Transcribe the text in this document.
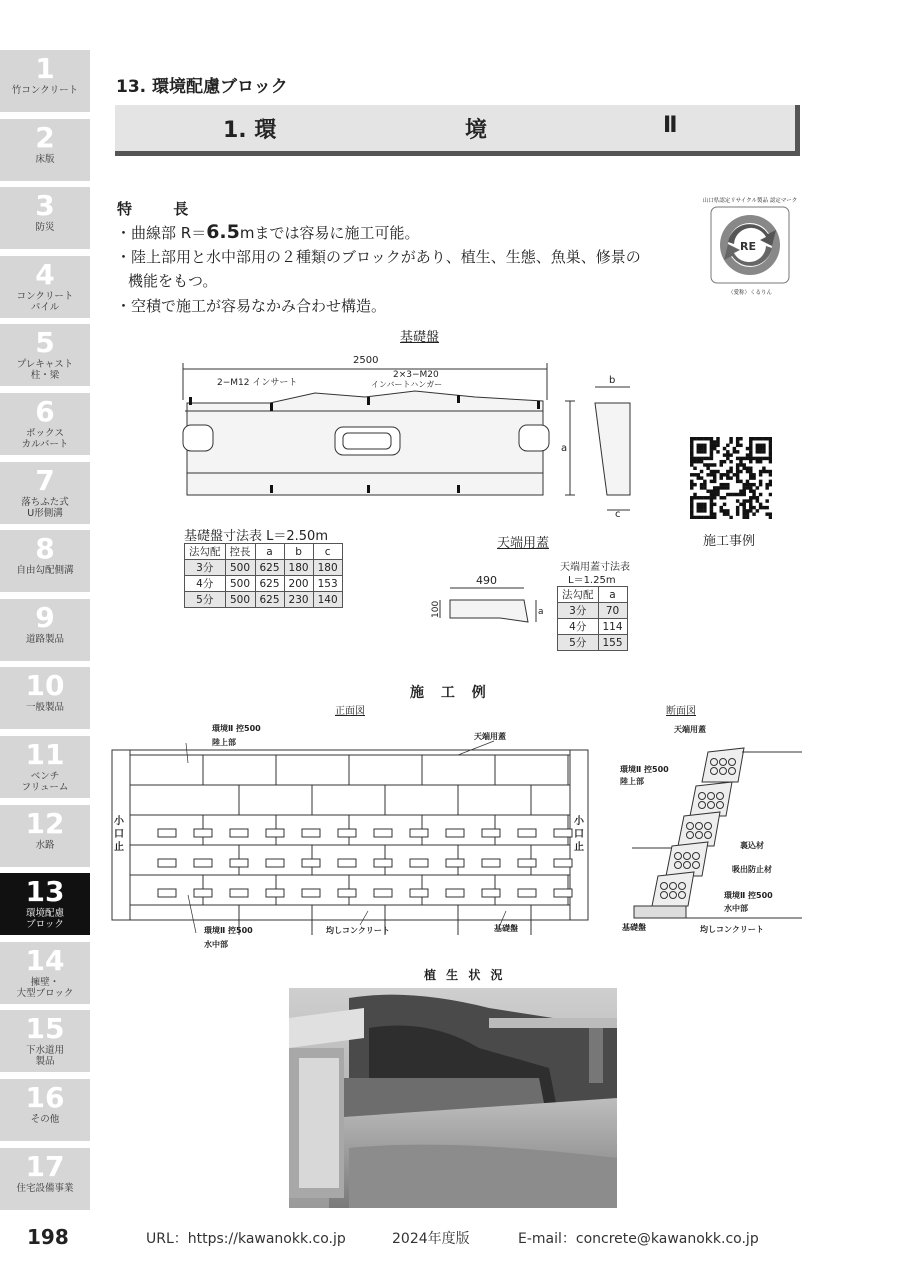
1
竹コンクリート
2
床版
3
防災
4
コンクリート
パイル
5
プレキャスト
柱・梁
6
ボックス
カルバート
7
落ちふた式
U形側溝
8
自由勾配側溝
9
道路製品
10
一般製品
11
ベンチ
フリューム
12
水路
13
環境配慮
ブロック
14
擁壁・
大型ブロック
15
下水道用
製品
16
その他
17
住宅設備事業
13. 環境配慮ブロック
1. 環	境	Ⅱ
特 長
・曲線部 R＝6.5mまでは容易に施工可能。
・陸上部用と水中部用の２種類のブロックがあり、植生、生態、魚巣、修景の
機能をもつ。
・空積で施工が容易なかみ合わせ構造。
山口県認定リサイクル製品 認定マーク
RE
（愛称）くるりん
基礎盤
2500
2−M12 インサート
2×3−M20
インバートハンガー
a
b
c
施工事例
基礎盤寸法表 L＝2.50m
法勾配	控長	a	b	c
3分	500	625	180	180
4分	500	625	200	153
5分	500	625	230	140
天端用蓋
490
100	a
天端用蓋寸法表
L＝1.25m
法勾配	a
3分	70
4分	114
5分	155
施 工 例
正面図	断面図
環境Ⅱ 控500
陸上部
天端用蓋
環境Ⅱ 控500
水中部
均しコンクリート	基礎盤
小
口
止
小
口
止
天端用蓋
環境Ⅱ 控500
陸上部
裏込材
吸出防止材
環境Ⅱ 控500
水中部
基礎盤	均しコンクリート
植 生 状 況
198	URL：https://kawanokk.co.jp	2024年度版	E-mail：concrete@kawanokk.co.jp
